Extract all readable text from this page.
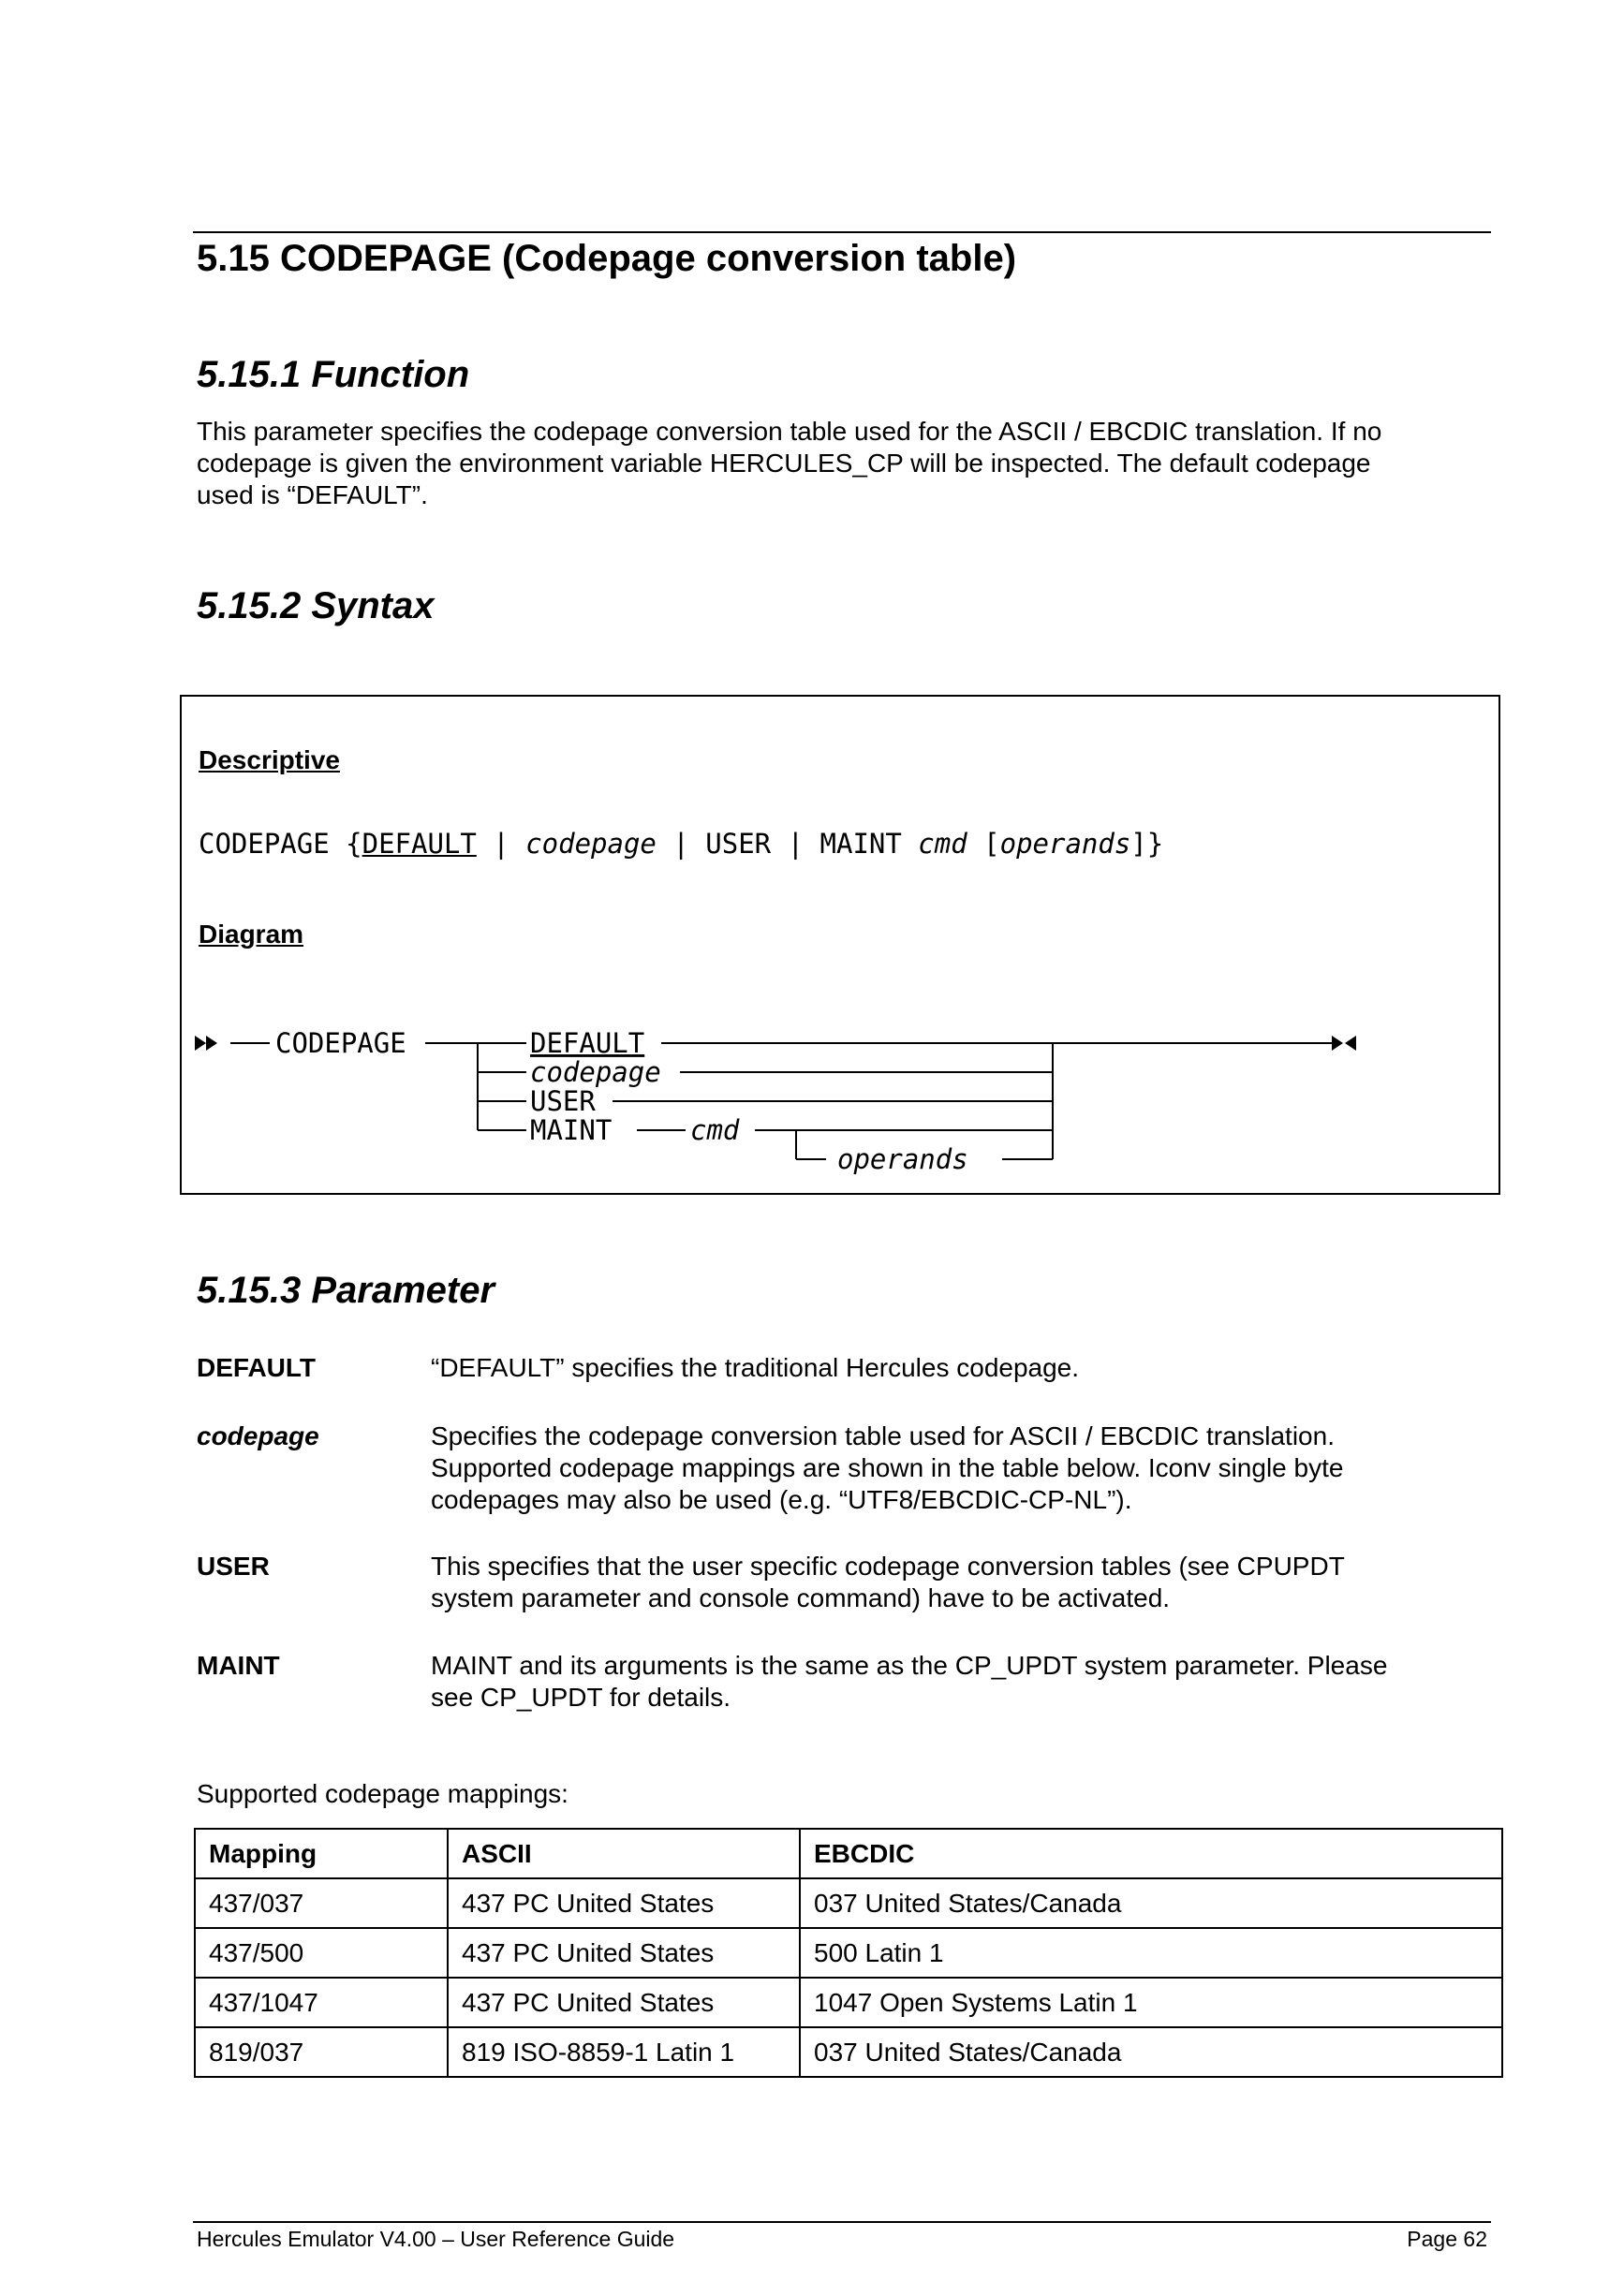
5.15 CODEPAGE (Codepage conversion table)
5.15.1 Function
This parameter specifies the codepage conversion table used for the ASCII / EBCDIC translation. If no
codepage is given the environment variable HERCULES_CP will be inspected. The default codepage
used is “DEFAULT”.
5.15.2 Syntax
Descriptive
CODEPAGE {DEFAULT | codepage | USER | MAINT cmd [operands]}
Diagram
CODEPAGE	DEFAULT
codepage
USER
MAINT	cmd
operands
5.15.3 Parameter
DEFAULT	“DEFAULT” specifies the traditional Hercules codepage.
codepage	Specifies the codepage conversion table used for ASCII / EBCDIC translation.
Supported codepage mappings are shown in the table below. Iconv single byte
codepages may also be used (e.g. “UTF8/EBCDIC-CP-NL”).
USER	This specifies that the user specific codepage conversion tables (see CPUPDT
system parameter and console command) have to be activated.
MAINT	MAINT and its arguments is the same as the CP_UPDT system parameter. Please
see CP_UPDT for details.
Supported codepage mappings:
Mapping	ASCII	EBCDIC
437/037	437 PC United States	037 United States/Canada
437/500	437 PC United States	500 Latin 1
437/1047	437 PC United States	1047 Open Systems Latin 1
819/037	819 ISO-8859-1 Latin 1	037 United States/Canada
Hercules Emulator V4.00 – User Reference Guide	Page 62
